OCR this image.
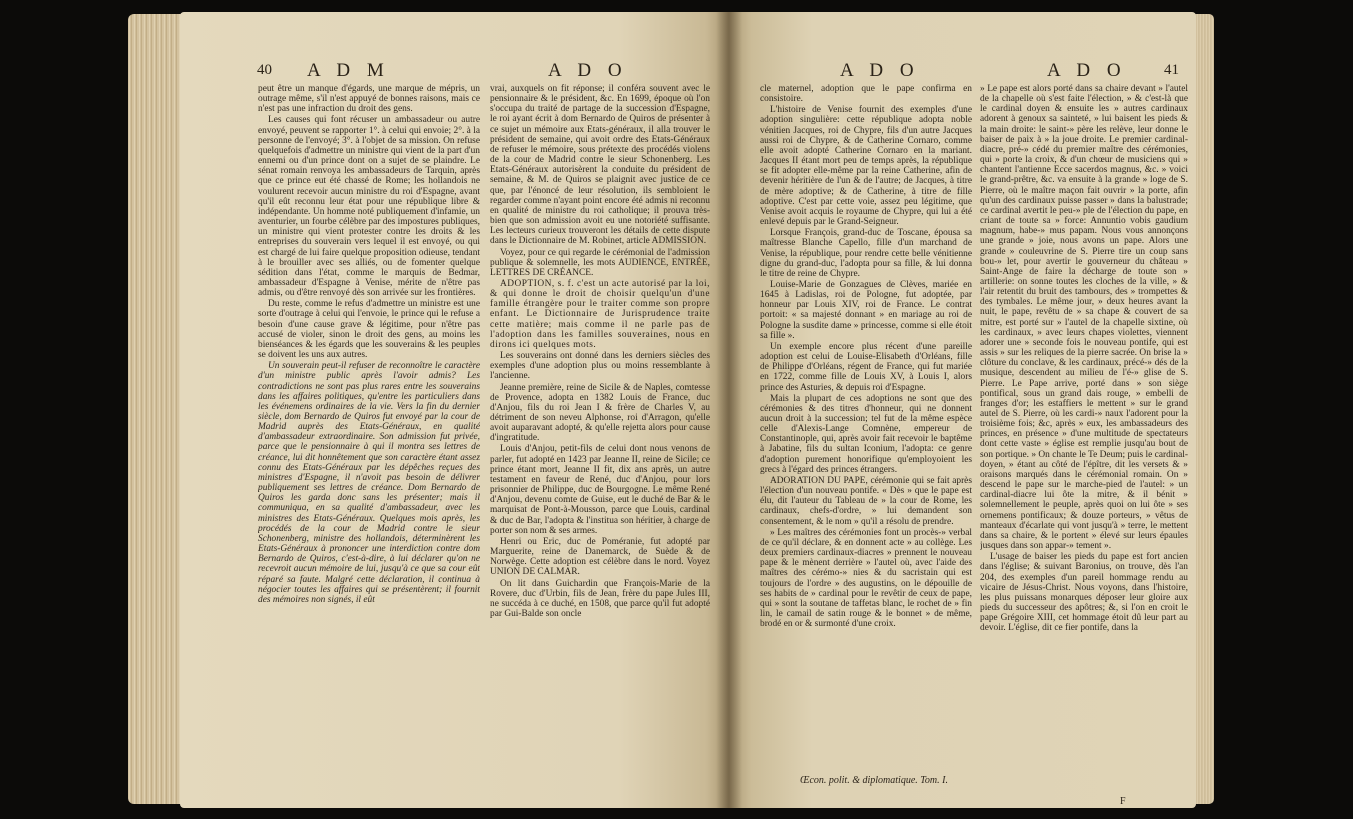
40 A D M	A D O

peut être un manque d'égards, une marque de mépris, un outrage même, s'il n'est appuyé de bonnes raisons, mais ce n'est pas une infraction du droit des gens.

Les causes qui font récuser un ambassadeur ou autre envoyé, peuvent se rapporter 1°. à celui qui envoie; 2°. à la personne de l'envoyé; 3°. à l'objet de sa mission. On refuse quelquefois d'admettre un ministre qui vient de la part d'un ennemi ou d'un prince dont on a sujet de se plaindre. Le sénat romain renvoya les ambassadeurs de Tarquin, après que ce prince eut été chassé de Rome; les hollandois ne voulurent recevoir aucun ministre du roi d'Espagne, avant qu'il eût reconnu leur état pour une république libre & indépendante. Un homme noté publiquement d'infamie, un aventurier, un fourbe célèbre par des impostures publiques, un ministre qui vient protester contre les droits & les entreprises du souverain vers lequel il est envoyé, ou qui est chargé de lui faire quelque proposition odieuse, tendant à le brouiller avec ses alliés, ou de fomenter quelque sédition dans l'état, comme le marquis de Bedmar, ambassadeur d'Espagne à Venise, mérite de n'être pas admis, ou d'être renvoyé dès son arrivée sur les frontières.

Du reste, comme le refus d'admettre un ministre est une sorte d'outrage à celui qui l'envoie, le prince qui le refuse a besoin d'une cause grave & légitime, pour n'être pas accusé de violer, sinon le droit des gens, au moins les bienséances & les égards que les souverains & les peuples se doivent les uns aux autres.

Un souverain peut-il refuser de reconnoître le caractère d'un ministre public après l'avoir admis? Les contradictions ne sont pas plus rares entre les souverains dans les affaires politiques, qu'entre les particuliers dans les événemens ordinaires de la vie. Vers la fin du dernier siècle, dom Bernardo de Quiros fut envoyé par la cour de Madrid auprès des Etats-Généraux, en qualité d'ambassadeur extraordinaire. Son admission fut privée, parce que le pensionnaire à qui il montra ses lettres de créance, lui dit honnêtement que son caractère étant assez connu des Etats-Généraux par les dépêches reçues des ministres d'Espagne, il n'avoit pas besoin de délivrer publiquement ses lettres de créance. Dom Bernardo de Quiros les garda donc sans les présenter; mais il communiqua, en sa qualité d'ambassadeur, avec les ministres des Etats-Généraux. Quelques mois après, les procédés de la cour de Madrid contre le sieur Schonenberg, ministre des hollandois, déterminèrent les Etats-Généraux à prononcer une interdiction contre dom Bernardo de Quiros, c'est-à-dire, à lui déclarer qu'on ne recevroit aucun mémoire de lui, jusqu'à ce que sa cour eût réparé sa faute. Malgré cette déclaration, il continua à négocier toutes les affaires qui se présentèrent; il fournit des mémoires non signés, il eût

vrai, auxquels on fit réponse; il conféra souvent avec le pensionnaire & le président, &c. En 1699, époque où l'on s'occupa du traité de partage de la succession d'Espagne, le roi ayant écrit à dom Bernardo de Quiros de présenter à ce sujet un mémoire aux Etats-généraux, il alla trouver le président de semaine, qui avoit ordre des Etats-Généraux de refuser le mémoire, sous prétexte des procédés violens de la cour de Madrid contre le sieur Schonenberg. Les Etats-Généraux autorisèrent la conduite du président de semaine, & M. de Quiros se plaignit avec justice de ce que, par l'énoncé de leur résolution, ils sembloient le regarder comme n'ayant point encore été admis ni reconnu en qualité de ministre du roi catholique; il prouva très-bien que son admission avoit eu une notoriété suffisante. Les lecteurs curieux trouveront les détails de cette dispute dans le Dictionnaire de M. Robinet, article ADMISSION.

Voyez, pour ce qui regarde le cérémonial de l'admission publique & solemnelle, les mots AUDIENCE, ENTRÉE, LETTRES DE CRÉANCE.

ADOPTION, s. f. c'est un acte autorisé par la loi, & qui donne le droit de choisir quelqu'un d'une famille étrangère pour le traiter comme son propre enfant. Le Dictionnaire de Jurisprudence traite cette matière; mais comme il ne parle pas de l'adoption dans les familles souveraines, nous en dirons ici quelques mots.

Les souverains ont donné dans les derniers siècles des exemples d'une adoption plus ou moins ressemblante à l'ancienne.

Jeanne première, reine de Sicile & de Naples, comtesse de Provence, adopta en 1382 Louis de France, duc d'Anjou, fils du roi Jean I & frère de Charles V, au détriment de son neveu Alphonse, roi d'Arragon, qu'elle avoit auparavant adopté, & qu'elle rejetta alors pour cause d'ingratitude.

Louis d'Anjou, petit-fils de celui dont nous venons de parler, fut adopté en 1423 par Jeanne II, reine de Sicile; ce prince étant mort, Jeanne II fit, dix ans après, un autre testament en faveur de René, duc d'Anjou, pour lors prisonnier de Philippe, duc de Bourgogne. Le même René d'Anjou, devenu comte de Guise, eut le duché de Bar & le marquisat de Pont-à-Mousson, parce que Louis, cardinal & duc de Bar, l'adopta & l'institua son héritier, à charge de porter son nom & ses armes.

Henri ou Eric, duc de Poméranie, fut adopté par Marguerite, reine de Danemarck, de Suède & de Norwège. Cette adoption est célèbre dans le nord. Voyez UNION DE CALMAR.

On lit dans Guichardin que François-Marie de la Rovere, duc d'Urbin, fils de Jean, frère du pape Jules III, ne succéda à ce duché, en 1508, que parce qu'il fut adopté par Gui-Balde son oncle

A D O	A D O 41

cle maternel, adoption que le pape confirma en consistoire.

L'histoire de Venise fournit des exemples d'une adoption singulière: cette république adopta noble vénitien Jacques, roi de Chypre, fils d'un autre Jacques aussi roi de Chypre, & de Catherine Cornaro, comme elle avoit adopté Catherine Cornaro en la mariant. Jacques II étant mort peu de temps après, la république se fit adopter elle-même par la reine Catherine, afin de devenir héritière de l'un & de l'autre; de Jacques, à titre de mère adoptive; & de Catherine, à titre de fille adoptive. C'est par cette voie, assez peu légitime, que Venise avoit acquis le royaume de Chypre, qui lui a été enlevé depuis par le Grand-Seigneur.

Lorsque François, grand-duc de Toscane, épousa sa maîtresse Blanche Capello, fille d'un marchand de Venise, la république, pour rendre cette belle vénitienne digne du grand-duc, l'adopta pour sa fille, & lui donna le titre de reine de Chypre.

Louise-Marie de Gonzagues de Clèves, mariée en 1645 à Ladislas, roi de Pologne, fut adoptée, par honneur par Louis XIV, roi de France. Le contrat portoit: « sa majesté donnant » en mariage au roi de Pologne la susdite dame » princesse, comme si elle étoit sa fille ».

Un exemple encore plus récent d'une pareille adoption est celui de Louise-Elisabeth d'Orléans, fille de Philippe d'Orléans, régent de France, qui fut mariée en 1722, comme fille de Louis XV, à Louis I, alors prince des Asturies, & depuis roi d'Espagne.

Mais la plupart de ces adoptions ne sont que des cérémonies & des titres d'honneur, qui ne donnent aucun droit à la succession; tel fut de la même espèce celle d'Alexis-Lange Comnène, empereur de Constantinople, qui, après avoir fait recevoir le baptême à Jabatine, fils du sultan Iconium, l'adopta: ce genre d'adoption purement honorifique qu'employoient les grecs à l'égard des princes étrangers.

ADORATION DU PAPE, cérémonie qui se fait après l'élection d'un nouveau pontife. « Dès » que le pape est élu, dit l'auteur du Tableau de » la cour de Rome, les cardinaux, chefs-d'ordre, » lui demandent son consentement, & le nom » qu'il a résolu de prendre.

» Les maîtres des cérémonies font un procès-» verbal de ce qu'il déclare, & en donnent acte » au collège. Les deux premiers cardinaux-diacres » prennent le nouveau pape & le mènent derrière » l'autel où, avec l'aide des maîtres des cérémo-» nies & du sacristain qui est toujours de l'ordre » des augustins, on le dépouille de ses habits de » cardinal pour le revêtir de ceux de pape, qui » sont la soutane de taffetas blanc, le rochet de » fin lin, le camail de satin rouge & le bonnet » de même, brodé en or & surmonté d'une croix.

Œcon. polit. & diplomatique. Tom. I.

» Le pape est alors porté dans sa chaire devant » l'autel de la chapelle où s'est faite l'élection, » & c'est-là que le cardinal doyen & ensuite les » autres cardinaux adorent à genoux sa sainteté, » lui baisent les pieds & la main droite: le saint-» père les relève, leur donne le baiser de paix à » la joue droite. Le premier cardinal-diacre, pré-» cédé du premier maître des cérémonies, qui » porte la croix, & d'un chœur de musiciens qui » chantent l'antienne Ecce sacerdos magnus, &c. » voici le grand-prêtre, &c. va ensuite à la grande » loge de S. Pierre, où le maître maçon fait ouvrir » la porte, afin qu'un des cardinaux puisse passer » dans la balustrade; ce cardinal avertit le peu-» ple de l'élection du pape, en criant de toute sa » force: Annuntio vobis gaudium magnum, habe-» mus papam. Nous vous annonçons une grande » joie, nous avons un pape. Alors une grande » couleuvrine de S. Pierre tire un coup sans bou-» let, pour avertir le gouverneur du château » Saint-Ange de faire la décharge de toute son » artillerie: on sonne toutes les cloches de la ville, » & l'air retentit du bruit des tambours, des » trompettes & des tymbales. Le même jour, » deux heures avant la nuit, le pape, revêtu de » sa chape & couvert de sa mitre, est porté sur » l'autel de la chapelle sixtine, où les cardinaux, » avec leurs chapes violettes, viennent adorer une » seconde fois le nouveau pontife, qui est assis » sur les reliques de la pierre sacrée. On brise la » clôture du conclave, & les cardinaux, précé-» dés de la musique, descendent au milieu de l'é-» glise de S. Pierre. Le Pape arrive, porté dans » son siège pontifical, sous un grand dais rouge, » embelli de franges d'or; les estaffiers le mettent » sur le grand autel de S. Pierre, où les cardi-» naux l'adorent pour la troisième fois; &c, après » eux, les ambassadeurs des princes, en présence » d'une multitude de spectateurs dont cette vaste » église est remplie jusqu'au bout de son portique. » On chante le Te Deum; puis le cardinal-doyen, » étant au côté de l'épître, dit les versets & » oraisons marqués dans le cérémonial romain. On » descend le pape sur le marche-pied de l'autel: » un cardinal-diacre lui ôte la mitre, & il bénit » solemnellement le peuple, après quoi on lui ôte » ses ornemens pontificaux; & douze porteurs, » vêtus de manteaux d'écarlate qui vont jusqu'à » terre, le mettent dans sa chaire, & le portent » élevé sur leurs épaules jusques dans son appar-» tement ».

L'usage de baiser les pieds du pape est fort ancien dans l'église; & suivant Baronius, on trouve, dès l'an 204, des exemples d'un pareil hommage rendu au vicaire de Jésus-Christ. Nous voyons, dans l'histoire, les plus puissans monarques déposer leur gloire aux pieds du successeur des apôtres; &, si l'on en croit le pape Grégoire XIII, cet hommage étoit dû leur part au devoir. L'église, dit ce fier pontife, dans la

F
